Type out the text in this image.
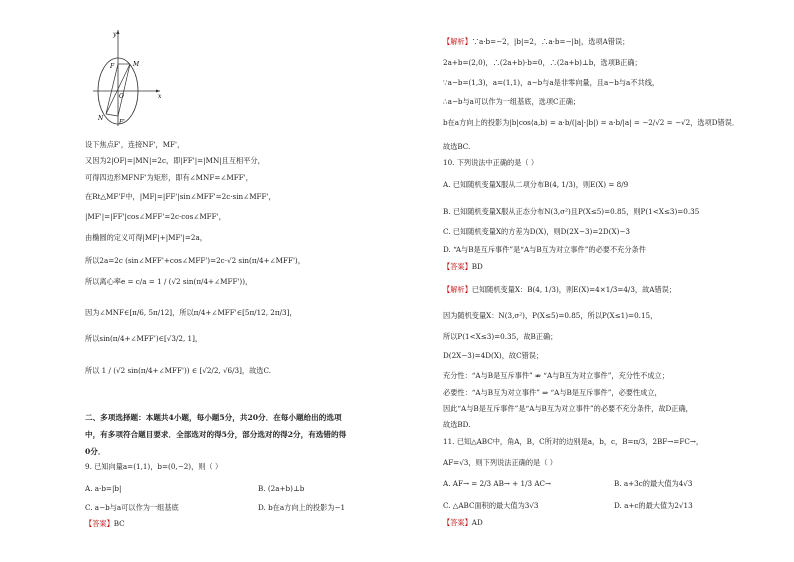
y
x
M
N
F
F'
O
设下焦点F'，连接NF'，MF'，
又因为2|OF|=|MN|=2c，即|FF'|=|MN|且互相平分，
可得四边形MFNF'为矩形，即有∠MNF=∠MFF'，
在Rt△MF'F中，|MF|=|FF'|sin∠MFF'=2c·sin∠MFF'，
|MF'|=|FF'|cos∠MFF'=2c·cos∠MFF'，
由椭圆的定义可得|MF|+|MF'|=2a，
所以2a=2c (sin∠MFF'+cos∠MFF')=2c·√2 sin(π/4+∠MFF')，
所以离心率e = c/a = 1 / (√2 sin(π/4+∠MFF'))，
因为∠MNF∈[π/6, 5π/12]，所以π/4+∠MFF'∈[5π/12, 2π/3]，
所以sin(π/4+∠MFF')∈[√3/2, 1]，
所以 1 / (√2 sin(π/4+∠MFF')) ∈ [√2/2, √6/3]，故选C.
二、多项选择题：本题共4小题，每小题5分，共20分．在每小题给出的选项
中，有多项符合题目要求．全部选对的得5分，部分选对的得2分，有选错的得
0分．
9. 已知向量a=(1,1)，b=(0,−2)，则（ ）
A. a·b=|b|	B. (2a+b)⊥b
C. a−b与a可以作为一组基底	D. b在a方向上的投影为−1
【答案】BC
【解析】∵a·b=−2，|b|=2，∴a·b=−|b|，选项A错误；
2a+b=(2,0)，∴(2a+b)·b=0，∴(2a+b)⊥b，选项B正确；
∵a−b=(1,3)，a=(1,1)，a−b与a是非零向量，且a−b与a不共线，
∴a−b与a可以作为一组基底，选项C正确；
b在a方向上的投影为|b|cos⟨a,b⟩ = a·b/(|a|·|b|) = a·b/|a| = −2/√2 = −√2，选项D错误．
故选BC.
10. 下列说法中正确的是（ ）
A. 已知随机变量X服从二项分布B(4, 1/3)，则E(X) = 8/9
B. 已知随机变量X服从正态分布N(3,σ²)且P(X≤5)=0.85，则P(1<X≤3)=0.35
C. 已知随机变量X的方差为D(X)，则D(2X−3)=2D(X)−3
D. “A与B是互斥事件”是“A与B互为对立事件”的必要不充分条件
【答案】BD
【解析】已知随机变量X：B(4, 1/3)，则E(X)=4×1/3=4/3，故A错误；
因为随机变量X：N(3,σ²)，P(X≤5)=0.85，所以P(X≤1)=0.15，
所以P(1<X≤3)=0.35，故B正确；
D(2X−3)=4D(X)，故C错误；
充分性：“A与B是互斥事件” ⇏ “A与B互为对立事件”，充分性不成立；
必要性：“A与B互为对立事件” ⇒ “A与B是互斥事件”，必要性成立，
因此“A与B是互斥事件”是“A与B互为对立事件”的必要不充分条件，故D正确，
故选BD.
11. 已知△ABC中，角A，B，C所对的边别是a，b，c，B=π/3，2BF→=FC→，
AF=√3，则下列说法正确的是（ ）
A. AF→ = 2/3 AB→ + 1/3 AC→	B. a+3c的最大值为4√3
C. △ABC面积的最大值为3√3	D. a+c的最大值为2√13
【答案】AD
